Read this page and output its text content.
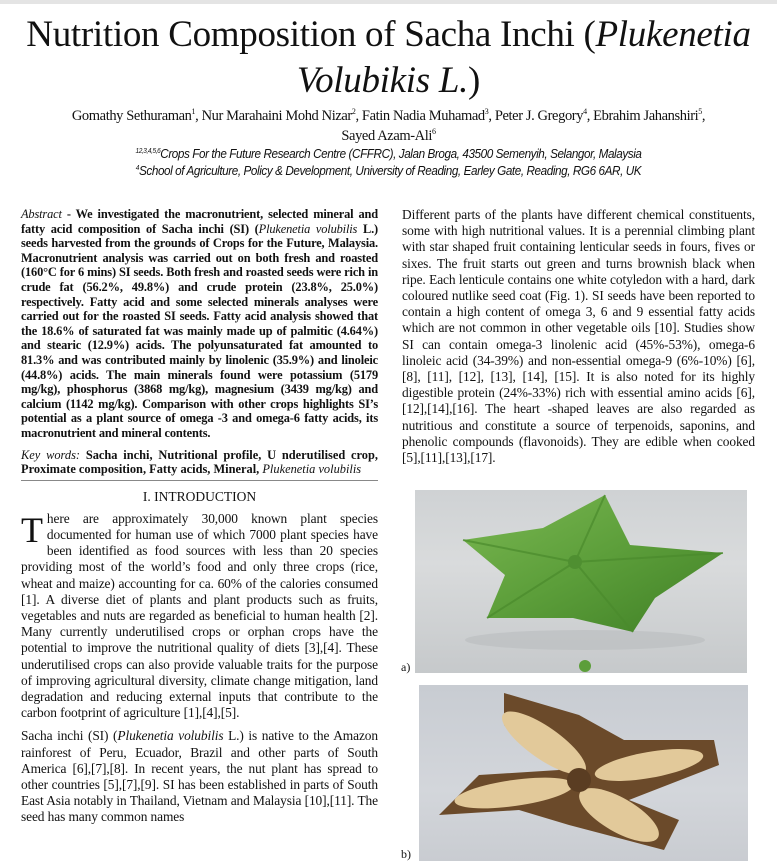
Nutrition Composition of Sacha Inchi (Plukenetia
Volubikis L.)
Gomathy Sethuraman$^1$, Nur Marahaini Mohd Nizar$^2$, Fatin Nadia Muhamad$^3$, Peter J. Gregory$^4$, Ebrahim Jahanshiri$^5$,
Sayed Azam-Ali$^6$
$^{12,3,4,5,6}$Crops For the Future Research Centre (CFFRC), Jalan Broga, 43500 Semenyih, Selangor, Malaysia
$^4$School of Agriculture, Policy & Development, University of Reading, Earley Gate, Reading, RG6 6AR, UK

Abstract - We investigated the macronutrient, selected mineral and fatty acid composition of Sacha inchi (SI) (Plukenetia volubilis L.) seeds harvested from the grounds of Crops for the Future, Malaysia. Macronutrient analysis was carried out on both fresh and roasted (160°C for 6 mins) SI seeds. Both fresh and roasted seeds were rich in crude fat (56.2%, 49.8%) and crude protein (23.8%, 25.0%) respectively. Fatty acid and some selected minerals analyses were carried out for the roasted SI seeds. Fatty acid analysis showed that the 18.6% of saturated fat was mainly made up of palmitic (4.64%) and stearic (12.9%) acids. The polyunsaturated fat amounted to 81.3% and was contributed mainly by linolenic (35.9%) and linoleic (44.8%) acids. The main minerals found were potassium (5179 mg/kg), phosphorus (3868 mg/kg), magnesium (3439 mg/kg) and calcium (1142 mg/kg). Comparison with other crops highlights SI’s potential as a plant source of omega -3 and omega-6 fatty acids, its macronutrient and mineral contents.

Key words: Sacha inchi, Nutritional profile, U nderutilised crop, Proximate composition, Fatty acids, Mineral, Plukenetia volubilis

I. INTRODUCTION

There are approximately 30,000 known plant species documented for human use of which 7000 plant species have been identified as food sources with less than 20 species providing most of the world’s food and only three crops (rice, wheat and maize) accounting for ca. 60% of the calories consumed [1]. A diverse diet of plants and plant products such as fruits, vegetables and nuts are regarded as beneficial to human health [2]. Many currently underutilised crops or orphan crops have the potential to improve the nutritional quality of diets [3],[4]. These underutilised crops can also provide valuable traits for the purpose of improving agricultural diversity, climate change mitigation, land degradation and reducing external inputs that contribute to the carbon footprint of agriculture [1],[4],[5].

Sacha inchi (SI) (Plukenetia volubilis L.) is native to the Amazon rainforest of Peru, Ecuador, Brazil and other parts of South America [6],[7],[8]. In recent years, the nut plant has spread to other countries [5],[7],[9]. SI has been established in parts of South East Asia notably in Thailand, Vietnam and Malaysia [10],[11]. The seed has many common names

Different parts of the plants have different chemical constituents, some with high nutritional values. It is a perennial climbing plant with star shaped fruit containing lenticular seeds in fours, fives or sixes. The fruit starts out green and turns brownish black when ripe. Each lenticule contains one white cotyledon with a hard, dark coloured nutlike seed coat (Fig. 1). SI seeds have been reported to contain a high content of omega 3, 6 and 9 essential fatty acids which are not common in other vegetable oils [10]. Studies show SI can contain omega-3 linolenic acid (45%-53%), omega-6 linoleic acid (34-39%) and non-essential omega-9 (6%-10%) [6], [8], [11], [12], [13], [14], [15]. It is also noted for its highly digestible protein (24%-33%) rich with essential amino acids [6],[12],[14],[16]. The heart -shaped leaves are also regarded as nutritious and constitute a source of terpenoids, saponins, and phenolic compounds (flavonoids). They are edible when cooked [5],[11],[13],[17].

a)
b)
